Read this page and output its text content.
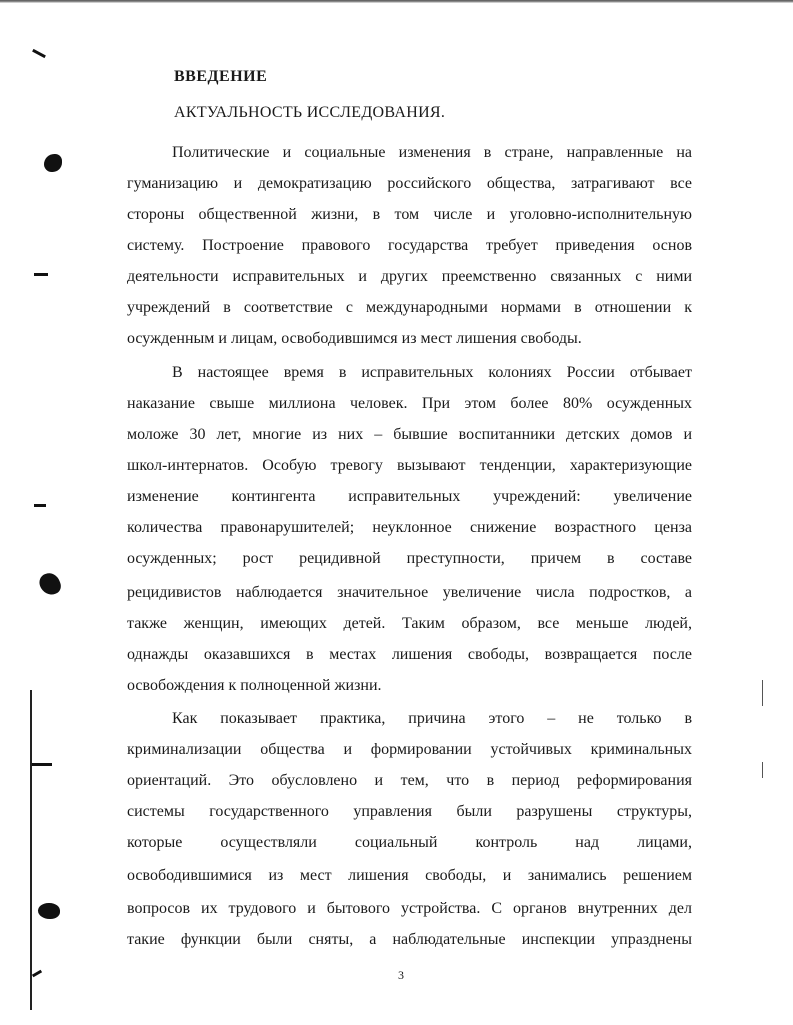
ВВЕДЕНИЕ
АКТУАЛЬНОСТЬ ИССЛЕДОВАНИЯ.
Политические и социальные изменения в стране, направленные на
гуманизацию и демократизацию российского общества, затрагивают все
стороны общественной жизни, в том числе и уголовно-исполнительную
систему. Построение правового государства требует приведения основ
деятельности исправительных и других преемственно связанных с ними
учреждений в соответствие с международными нормами в отношении к
осужденным и лицам, освободившимся из мест лишения свободы.
В настоящее время в исправительных колониях России отбывает
наказание свыше миллиона человек. При этом более 80% осужденных
моложе 30 лет, многие из них – бывшие воспитанники детских домов и
школ-интернатов. Особую тревогу вызывают тенденции, характеризующие
изменение контингента исправительных учреждений: увеличение
количества правонарушителей; неуклонное снижение возрастного ценза
осужденных; рост рецидивной преступности, причем в составе
рецидивистов наблюдается значительное увеличение числа подростков, а
также женщин, имеющих детей. Таким образом, все меньше людей,
однажды оказавшихся в местах лишения свободы, возвращается после
освобождения к полноценной жизни.
Как показывает практика, причина этого – не только в
криминализации общества и формировании устойчивых криминальных
ориентаций. Это обусловлено и тем, что в период реформирования
системы государственного управления были разрушены структуры,
которые осуществляли социальный контроль над лицами,
освободившимися из мест лишения свободы, и занимались решением
вопросов их трудового и бытового устройства. С органов внутренних дел
такие функции были сняты, а наблюдательные инспекции упразднены
3
